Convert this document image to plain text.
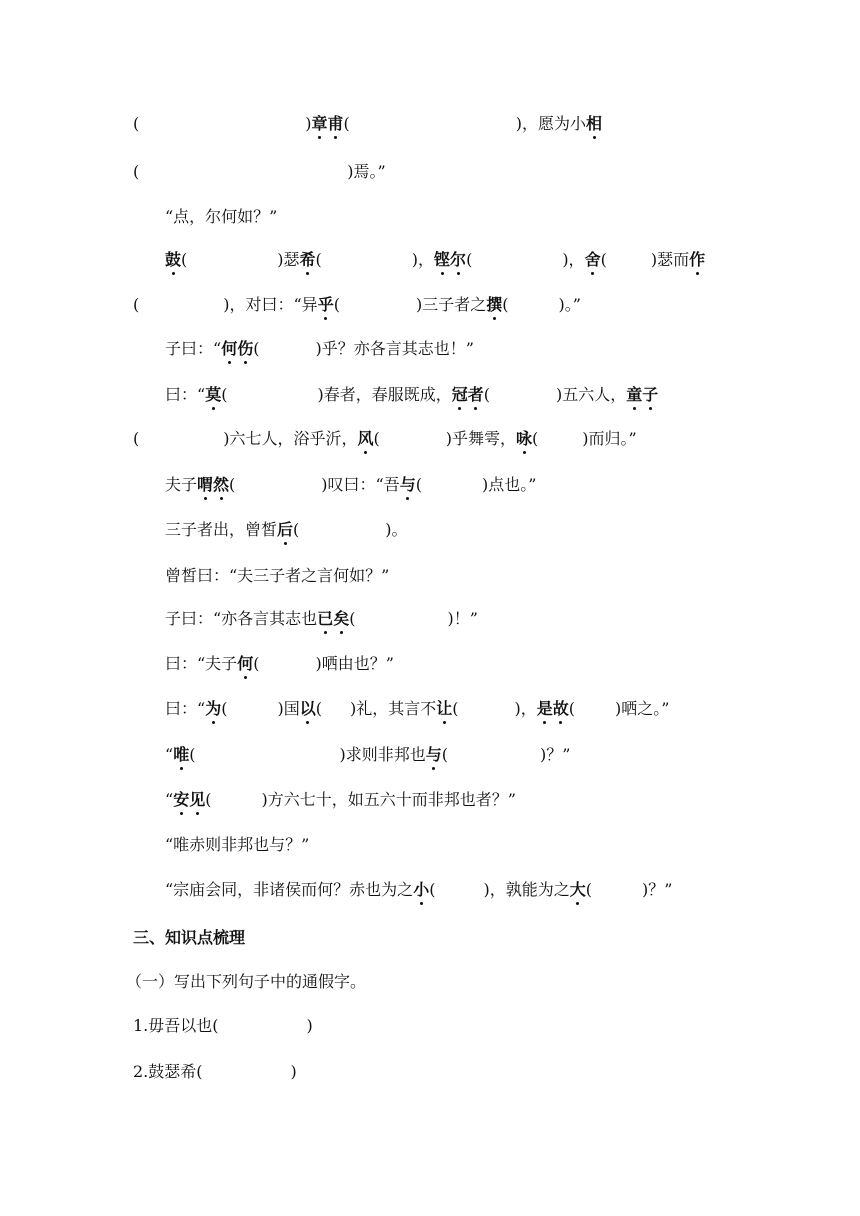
(	)章甫(	)，愿为小相
(	)焉。”
“点，尔何如？”
鼓(	)瑟希(	)，铿尔(	)，舍(	)瑟而作
(	)，对曰：“异乎(	)三子者之撰(	)。”
子曰：“何伤(	)乎？亦各言其志也！”
曰：“莫(	)春者，春服既成，冠者(	)五六人，童子
(	)六七人，浴乎沂，风(	)乎舞雩，咏(	)而归。”
夫子喟然(	)叹曰：“吾与(	)点也。”
三子者出，曾皙后(	)。
曾皙曰：“夫三子者之言何如？”
子曰：“亦各言其志也已矣(	)！”
曰：“夫子何(	)哂由也？”
曰：“为(	)国以( )礼，其言不让(	)，是故(	)哂之。”
“唯(	)求则非邦也与(	)？”
“安见(	)方六七十，如五六十而非邦也者？”
“唯赤则非邦也与？”
“宗庙会同，非诸侯而何？赤也为之小(	)，孰能为之大(	)？”
三、知识点梳理
（一）写出下列句子中的通假字。
1.毋吾以也(	)
2.鼓瑟希(	)
